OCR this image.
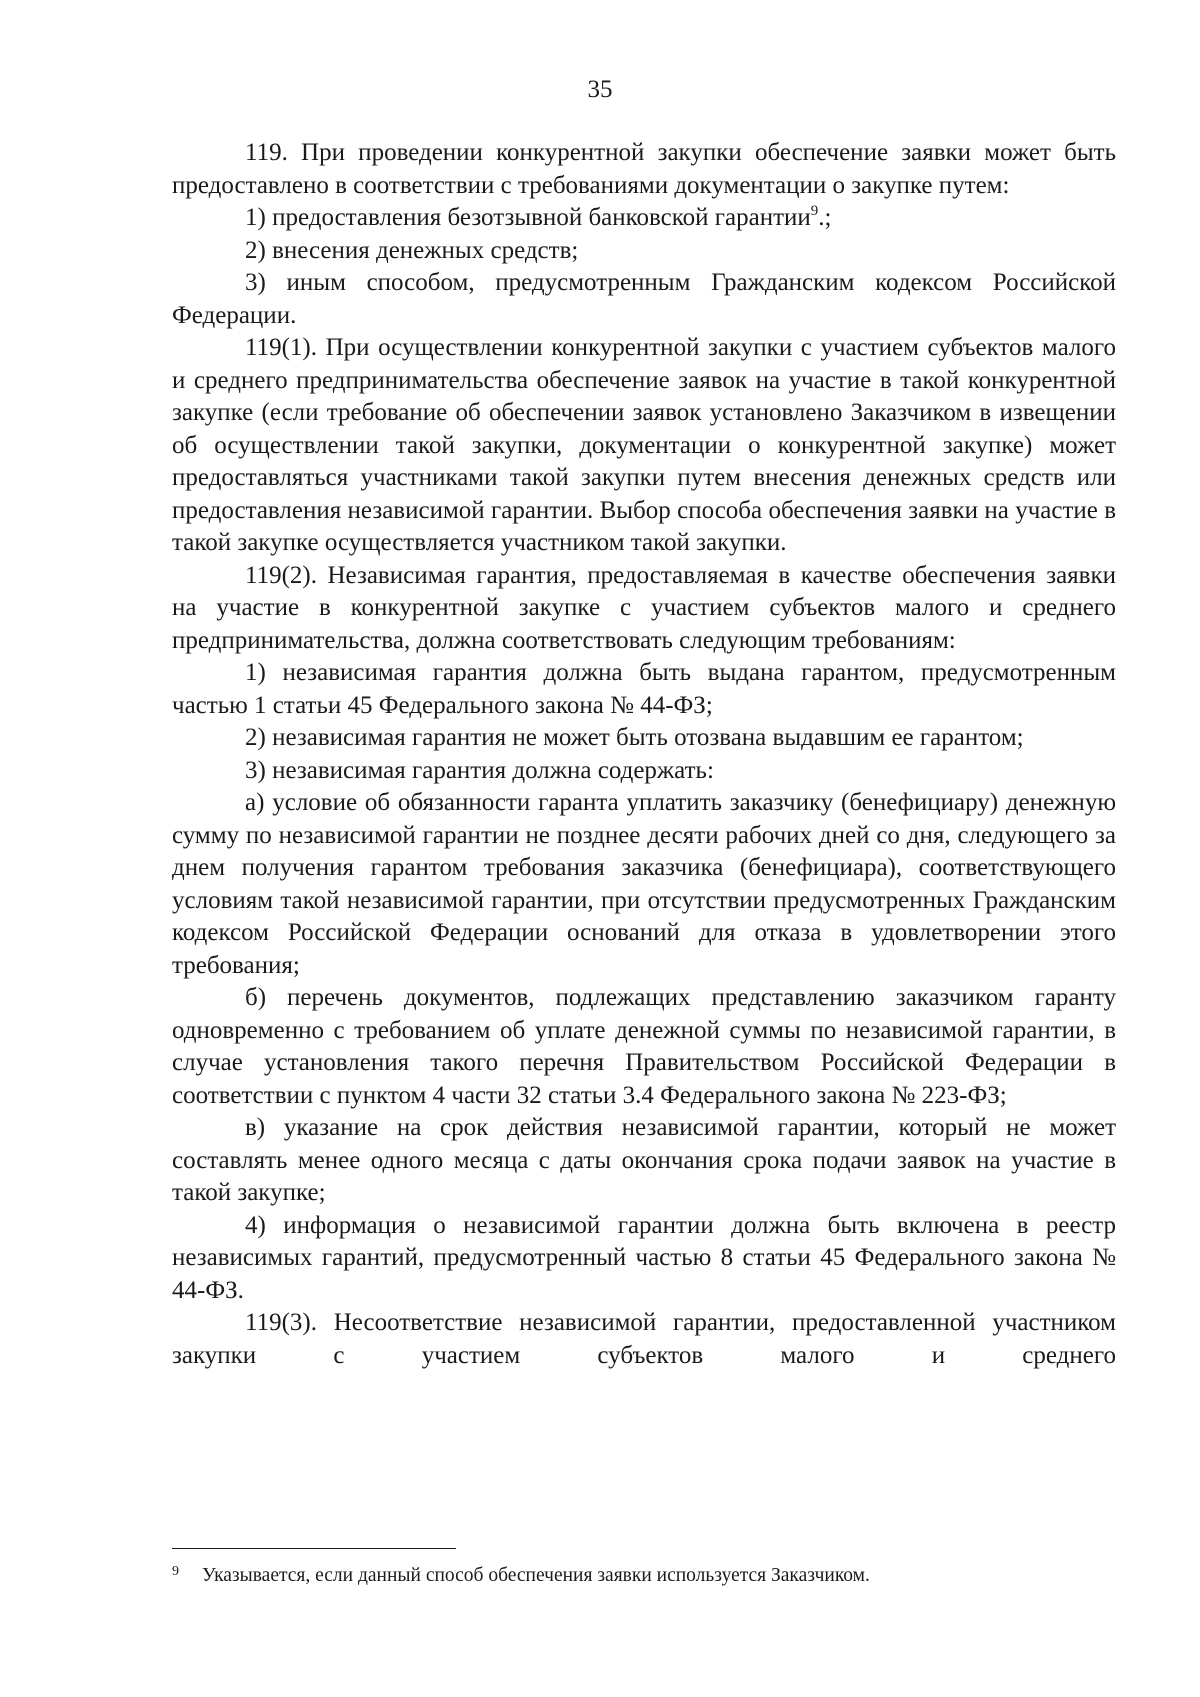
35

119. При проведении конкурентной закупки обеспечение заявки может быть предоставлено в соответствии с требованиями документации о закупке путем:

1) предоставления безотзывной банковской гарантии$^9$.;

2) внесения денежных средств;

3) иным способом, предусмотренным Гражданским кодексом Российской Федерации.

119(1). При осуществлении конкурентной закупки с участием субъектов малого и среднего предпринимательства обеспечение заявок на участие в такой конкурентной закупке (если требование об обеспечении заявок установлено Заказчиком в извещении об осуществлении такой закупки, документации о конкурентной закупке) может предоставляться участниками такой закупки путем внесения денежных средств или предоставления независимой гарантии. Выбор способа обеспечения заявки на участие в такой закупке осуществляется участником такой закупки.

119(2). Независимая гарантия, предоставляемая в качестве обеспечения заявки на участие в конкурентной закупке с участием субъектов малого и среднего предпринимательства, должна соответствовать следующим требованиям:

1) независимая гарантия должна быть выдана гарантом, предусмотренным частью 1 статьи 45 Федерального закона № 44-ФЗ;

2) независимая гарантия не может быть отозвана выдавшим ее гарантом;

3) независимая гарантия должна содержать:

а) условие об обязанности гаранта уплатить заказчику (бенефициару) денежную сумму по независимой гарантии не позднее десяти рабочих дней со дня, следующего за днем получения гарантом требования заказчика (бенефициара), соответствующего условиям такой независимой гарантии, при отсутствии предусмотренных Гражданским кодексом Российской Федерации оснований для отказа в удовлетворении этого требования;

б) перечень документов, подлежащих представлению заказчиком гаранту одновременно с требованием об уплате денежной суммы по независимой гарантии, в случае установления такого перечня Правительством Российской Федерации в соответствии с пунктом 4 части 32 статьи 3.4 Федерального закона № 223-ФЗ;

в) указание на срок действия независимой гарантии, который не может составлять менее одного месяца с даты окончания срока подачи заявок на участие в такой закупке;

4) информация о независимой гарантии должна быть включена в реестр независимых гарантий, предусмотренный частью 8 статьи 45 Федерального закона № 44-ФЗ.

119(3). Несоответствие независимой гарантии, предоставленной участником закупки с участием субъектов малого и среднего

9 Указывается, если данный способ обеспечения заявки используется Заказчиком.
